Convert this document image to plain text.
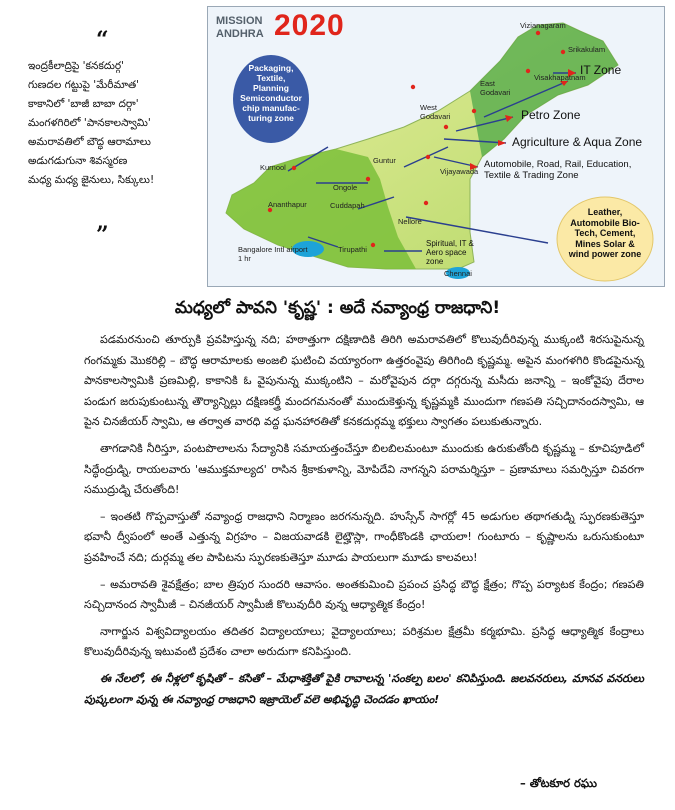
“
ఇంద్రకీలాద్రిపై 'కనకదుర్గ'
గుణదల గట్టుపై 'మేరీమాత'
కాకానిలో 'బాజీ బాబా దర్గా'
మంగళగిరిలో 'పానకాలస్వామి'
అమరావతిలో బౌద్ధ ఆరామాలు
అడుగడుగునా శివస్మరణ
మధ్య మధ్య జైనులు, సిక్కులు!
”
MISSION
ANDHRA 2020
Packaging, Textile, Planning Semiconductor chip manufac-turing zone
IT Zone
Petro Zone
Agriculture & Aqua Zone
Automobile, Road, Rail, Education, Textile & Trading Zone
Leather, Automobile Bio-Tech, Cement, Mines Solar & wind power zone
Spiritual, IT & Aero space zone
Vizianagaram
Srikakulam
Visakhapatnam
East Godavari
West Godavari
Guntur
Vijayawada
Kurnool
Ongole
Ananthapur	Cuddapah
Nellore
Tirupathi
Chennai
Bangalore Intl airport 1 hr
మధ్యలో పావని 'కృష్ణ' : అదే నవ్యాంధ్ర రాజధాని!

పడమరనుంచి తూర్పుకి ప్రవహిస్తున్న నది; హఠాత్తుగా దక్షిణాదికి తిరిగి అమరావతిలో కొలువుదీరివున్న ముక్కంటి శిరసుపైనున్న గంగమ్మకు మొకరిల్లి – బౌద్ధ ఆరామాలకు అంజలి ఘటించి వయ్యారంగా ఉత్తరంవైపు తిరిగింది కృష్ణమ్మ. అపైన మంగళగిరి కొండపైనున్న పానకాలస్వామికి ప్రణమిల్లి, కాకానికి ఓ వైపునున్న ముక్కంటిని – మరోవైపున దర్గా దగ్గరున్న మసీదు జనాన్ని – ఇంకోవైపు దేరాల పండుగ జరుపుకుంటున్న తౌర్యాన్నిల్లు దక్షిణకర్త్రీ మందగమనంతో ముందుకెళ్తున్న కృష్ణమ్మకి ముందుగా గణపతి సచ్చిదానందస్వామి, ఆ పైన చినజీయర్ స్వామి, ఆ తర్వాత వారధి వద్ద ఘనహారతితో కనకదుర్గమ్మ భక్తులు స్వాగతం పలుకుతున్నారు.

తాగడానికి నీరిస్తూ, పంటపొలాలను సేద్యానికి సమాయత్తంచేస్తూ బిలబిలమంటూ ముందుకు ఉరుకుతోంది కృష్ణమ్మ – కూచిపూడిలో సిద్ధేంద్రుడ్ని, రాయలవారు 'ఆముక్తమాల్యద' రాసిన శ్రీకాకుళాన్ని, మోపిదేవి నాగన్నని పరామర్శిస్తూ – ప్రణామాలు సమర్పిస్తూ చివరగా సముద్రుడ్ని చేరుతోంది!

– ఇంతటి గొప్పవాస్తుతో నవ్యాంధ్ర రాజధాని నిర్మాణం జరగనున్నది. హుస్సేన్ సాగర్లో 45 అడుగుల తథాగతుడ్ని స్ఫురణకుతెస్తూ భవానీ ద్వీపంలో అంతే ఎత్తున్న విగ్రహం – విజయవాడకి లైట్హౌస్లా, గాంధీకొండకి ఛాయలా! గుంటూరు – కృష్ణాలను ఒరుసుకుంటూ ప్రవహించే నది; దుర్గమ్మ తల పాపిటను స్ఫురణకుతెస్తూ మూడు పాయలుగా మూడు కాలవలు!

– అమరావతి శైవక్షేత్రం; బాల త్రిపుర సుందరి ఆవాసం. అంతకుమించి ప్రపంచ ప్రసిద్ధ బౌద్ధ క్షేత్రం; గొప్ప పర్యాటక కేంద్రం; గణపతి సచ్చిదానంద స్వామీజీ – చినజీయర్ స్వామీజీ కొలువుదీరి వున్న ఆధ్యాత్మిక కేంద్రం!

నాగార్జున విశ్వవిద్యాలయం తదితర విద్యాలయాలు; వైద్యాలయాలు; పరిశ్రమల క్షేత్రమీ కర్మభూమి. ప్రసిద్ధ ఆధ్యాత్మిక కేంద్రాలు కొలువుదీరివున్న ఇటువంటి ప్రదేశం చాలా అరుదుగా కనిపిస్తుంది.

ఈ నేలలో, ఈ నీళ్లలో కృషితో – కసితో – మేధాశక్తితో పైకి రావాలన్న 'సంకల్ప బలం' కనిపిస్తుంది. జలవనరులు, మానవ వనరులు పుష్కలంగా వున్న ఈ నవ్యాంధ్ర రాజధాని ఇజ్రాయెల్ వలె అభివృద్ధి చెందడం ఖాయం!

– తోటకూర రఘు
